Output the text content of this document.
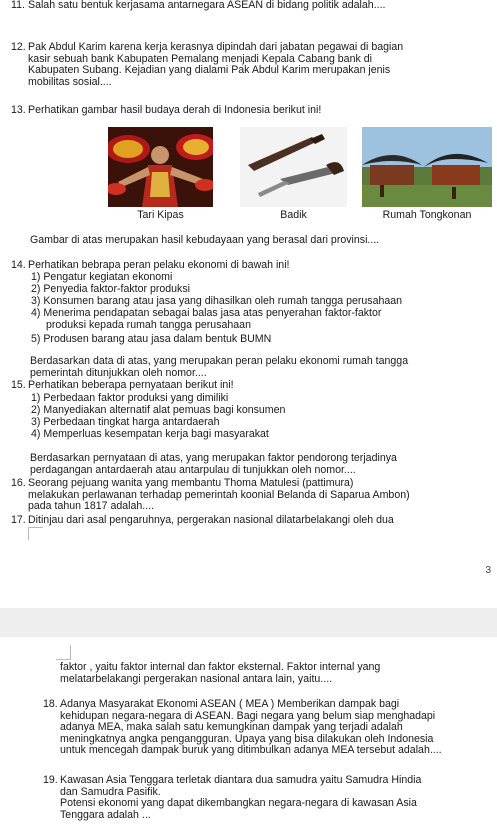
11. Salah satu bentuk kerjasama antarnegara ASEAN di bidang politik adalah....
12. Pak Abdul Karim karena kerja kerasnya dipindah dari jabatan pegawai di bagian
kasir sebuah bank Kabupaten Pemalang menjadi Kepala Cabang bank di
Kabupaten Subang. Kejadian yang dialami Pak Abdul Karim merupakan jenis
mobilitas sosial....
13. Perhatikan gambar hasil budaya derah di Indonesia berikut ini!
Tari Kipas	Badik	Rumah Tongkonan
Gambar di atas merupakan hasil kebudayaan yang berasal dari provinsi....
14. Perhatikan bebrapa peran pelaku ekonomi di bawah ini!
1) Pengatur kegiatan ekonomi
2) Penyedia faktor-faktor produksi
3) Konsumen barang atau jasa yang dihasilkan oleh rumah tangga perusahaan
4) Menerima pendapatan sebagai balas jasa atas penyerahan faktor-faktor
produksi kepada rumah tangga perusahaan
5) Produsen barang atau jasa dalam bentuk BUMN
Berdasarkan data di atas, yang merupakan peran pelaku ekonomi rumah tangga
pemerintah ditunjukkan oleh nomor....
15. Perhatikan beberapa pernyataan berikut ini!
1) Perbedaan faktor produksi yang dimiliki
2) Manyediakan alternatif alat pemuas bagi konsumen
3) Perbedaan tingkat harga antardaerah
4) Memperluas kesempatan kerja bagi masyarakat
Berdasarkan pernyataan di atas, yang merupakan faktor pendorong terjadinya
perdagangan antardaerah atau antarpulau di tunjukkan oleh nomor....
16. Seorang pejuang wanita yang membantu Thoma Matulesi (pattimura)
melakukan perlawanan terhadap pemerintah koonial Belanda di Saparua Ambon)
pada tahun 1817 adalah....
17. Ditinjau dari asal pengaruhnya, pergerakan nasional dilatarbelakangi oleh dua
3
faktor , yaitu faktor internal dan faktor eksternal. Faktor internal yang
melatarbelakangi pergerakan nasional antara lain, yaitu....
18. Adanya Masyarakat Ekonomi ASEAN ( MEA ) Memberikan dampak bagi
kehidupan negara-negara di ASEAN. Bagi negara yang belum siap menghadapi
adanya MEA, maka salah satu kemungkinan dampak yang terjadi adalah
meningkatnya angka pengangguran. Upaya yang bisa dilakukan oleh Indonesia
untuk mencegah dampak buruk yang ditimbulkan adanya MEA tersebut adalah....
19. Kawasan Asia Tenggara terletak diantara dua samudra yaitu Samudra Hindia
dan Samudra Pasifik.
Potensi ekonomi yang dapat dikembangkan negara-negara di kawasan Asia
Tenggara adalah ...
